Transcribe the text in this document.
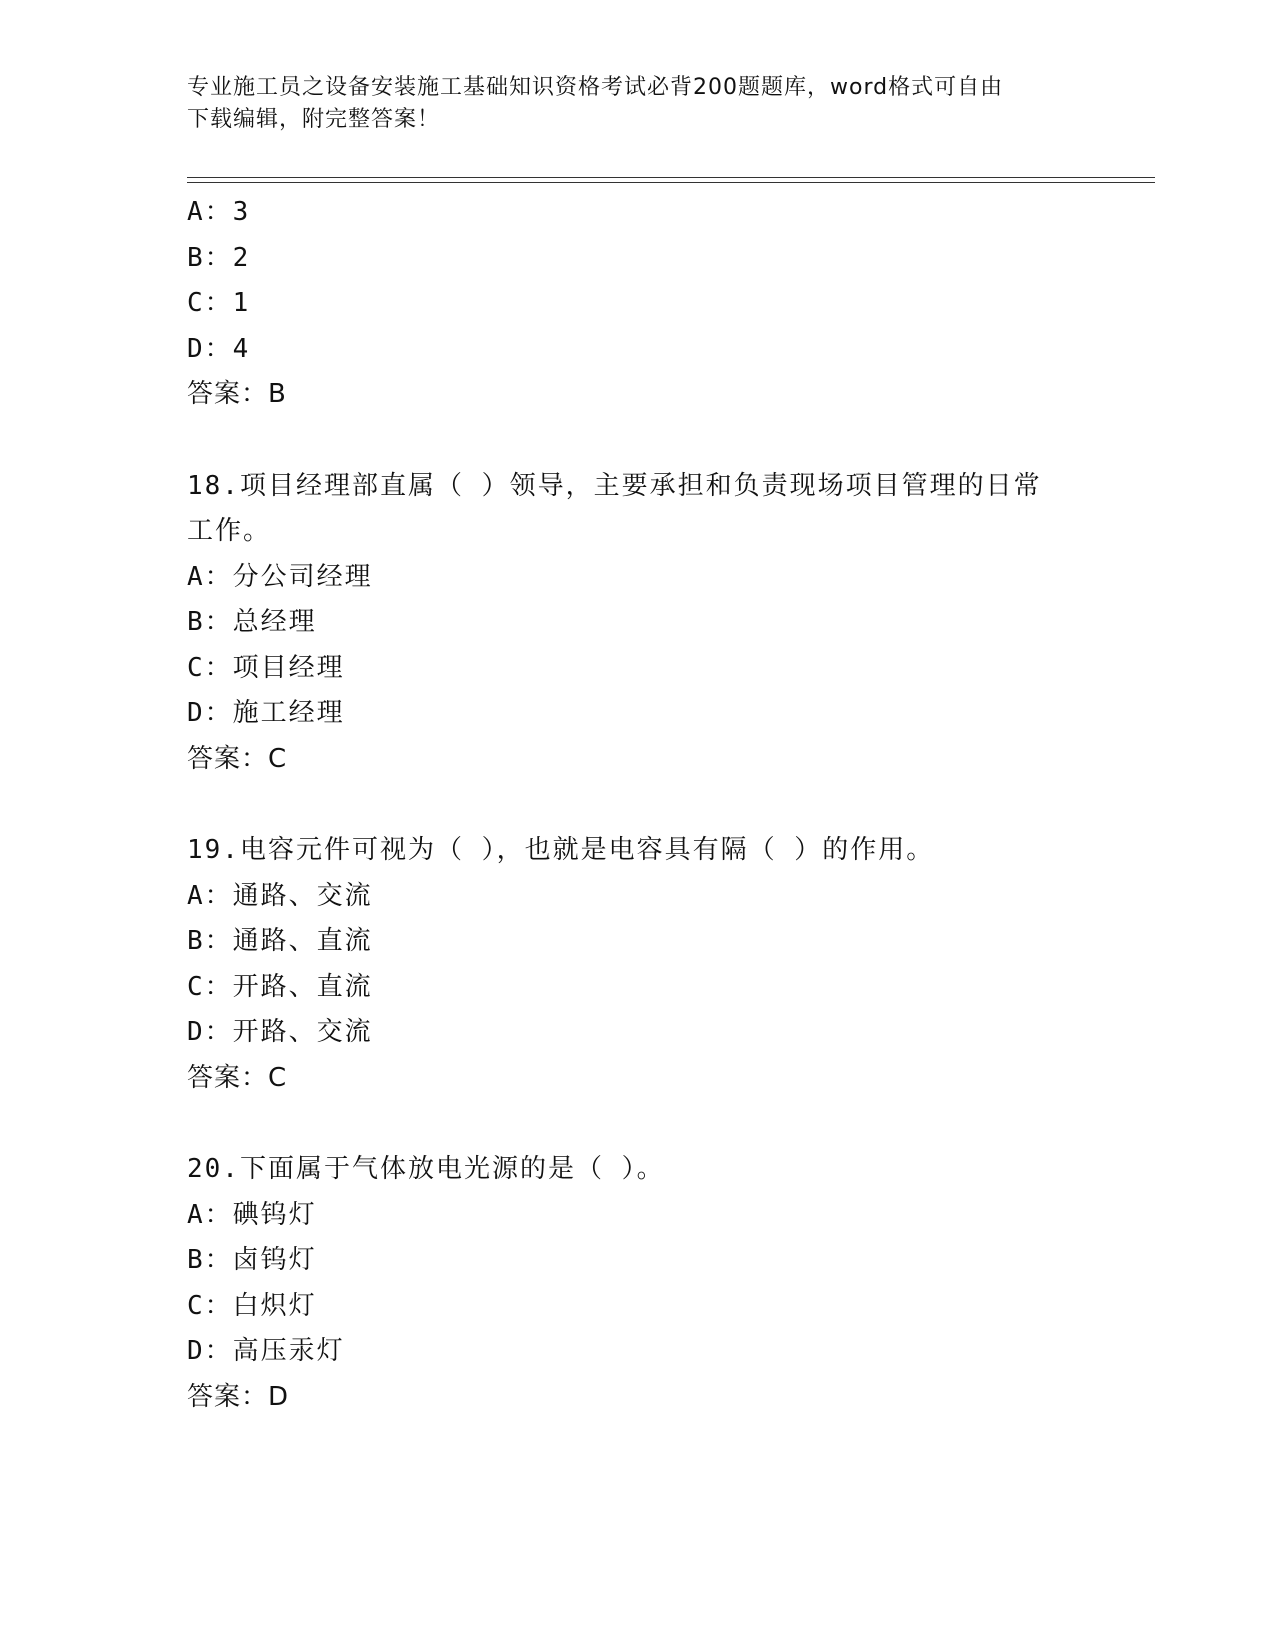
专业施工员之设备安装施工基础知识资格考试必背200题题库，word格式可自由
下载编辑，附完整答案！
A：3
B：2
C：1
D：4
答案：B
18.项目经理部直属（ ）领导，主要承担和负责现场项目管理的日常
工作。
A：分公司经理
B：总经理
C：项目经理
D：施工经理
答案：C
19.电容元件可视为（ ），也就是电容具有隔（ ）的作用。
A：通路、交流
B：通路、直流
C：开路、直流
D：开路、交流
答案：C
20.下面属于气体放电光源的是（ ）。
A：碘钨灯
B：卤钨灯
C：白炽灯
D：高压汞灯
答案：D
